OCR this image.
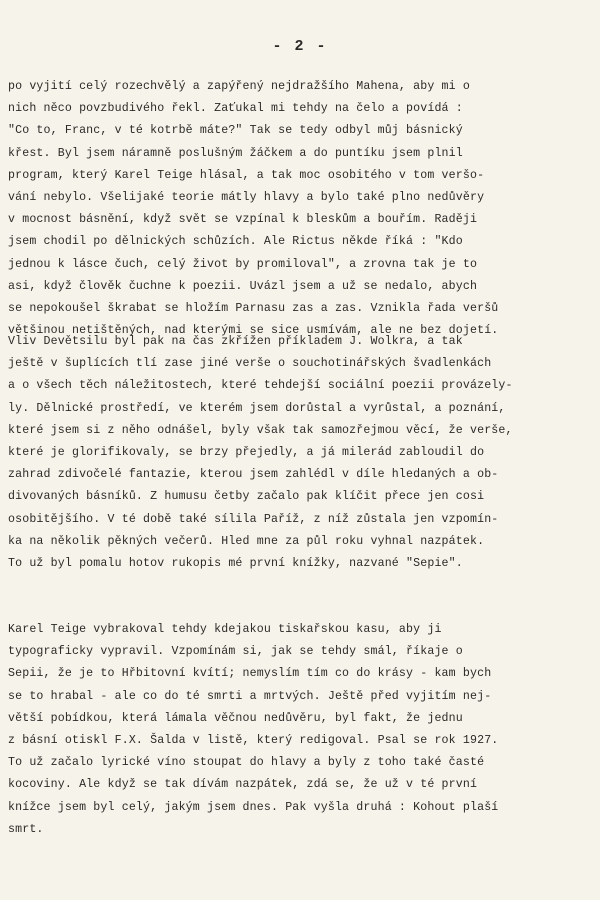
- 2 -
po vyjití celý rozechvělý a zapýřený nejdražšího Mahena, aby mi o
nich něco povzbudivého řekl. Zaťukal mi tehdy na čelo a povídá :
"Co to, Franc, v té kotrbě máte?" Tak se tedy odbyl můj básnický
křest. Byl jsem náramně poslušným žáčkem a do puntíku jsem plnil
program, který Karel Teige hlásal, a tak moc osobitého v tom veršo-
vání nebylo. Všelijaké teorie mátly hlavy a bylo také plno nedůvěry
v mocnost básnění, když svět se vzpínal k bleskům a bouřím. Raději
jsem chodil po dělnických schůzích. Ale Rictus někde říká : "Kdo
jednou k lásce čuch, celý život by promiloval", a zrovna tak je to
asi, když člověk čuchne k poezii. Uvázl jsem a už se nedalo, abych
se nepokoušel škrabat se hložím Parnasu zas a zas. Vznikla řada veršů
většinou netištěných, nad kterými se sice usmívám, ale ne bez dojetí.
Vliv Devětsilu byl pak na čas zkřížen příkladem J. Wolkra, a tak
ještě v šuplících tlí zase jiné verše o souchotinářských švadlenkách
a o všech těch náležitostech, které tehdejší sociální poezii provázely-
ly. Dělnické prostředí, ve kterém jsem dorůstal a vyrůstal, a poznání,
které jsem si z něho odnášel, byly však tak samozřejmou věcí, že verše,
které je glorifikovaly, se brzy přejedly, a já milerád zabloudil do
zahrad zdivočelé fantazie, kterou jsem zahlédl v díle hledaných a ob-
divovaných básníků. Z humusu četby začalo pak klíčit přece jen cosi
osobitějšího. V té době také sílila Paříž, z níž zůstala jen vzpomín-
ka na několik pěkných večerů. Hled mne za půl roku vyhnal nazpátek.
To už byl pomalu hotov rukopis mé první knížky, nazvané "Sepie".
Karel Teige vybrakoval tehdy kdejakou tiskařskou kasu, aby ji
typograficky vypravil. Vzpomínám si, jak se tehdy smál, říkaje o
Sepii, že je to Hřbitovní kvítí; nemyslím tím co do krásy - kam bych
se to hrabal - ale co do té smrti a mrtvých. Ještě před vyjitím nej-
větší pobídkou, která lámala věčnou nedůvěru, byl fakt, že jednu
z básní otiskl F.X. Šalda v listě, který redigoval. Psal se rok 1927.
To už začalo lyrické víno stoupat do hlavy a byly z toho také časté
kocoviny. Ale když se tak dívám nazpátek, zdá se, že už v té první
knížce jsem byl celý, jakým jsem dnes. Pak vyšla druhá : Kohout plaší
smrt.
